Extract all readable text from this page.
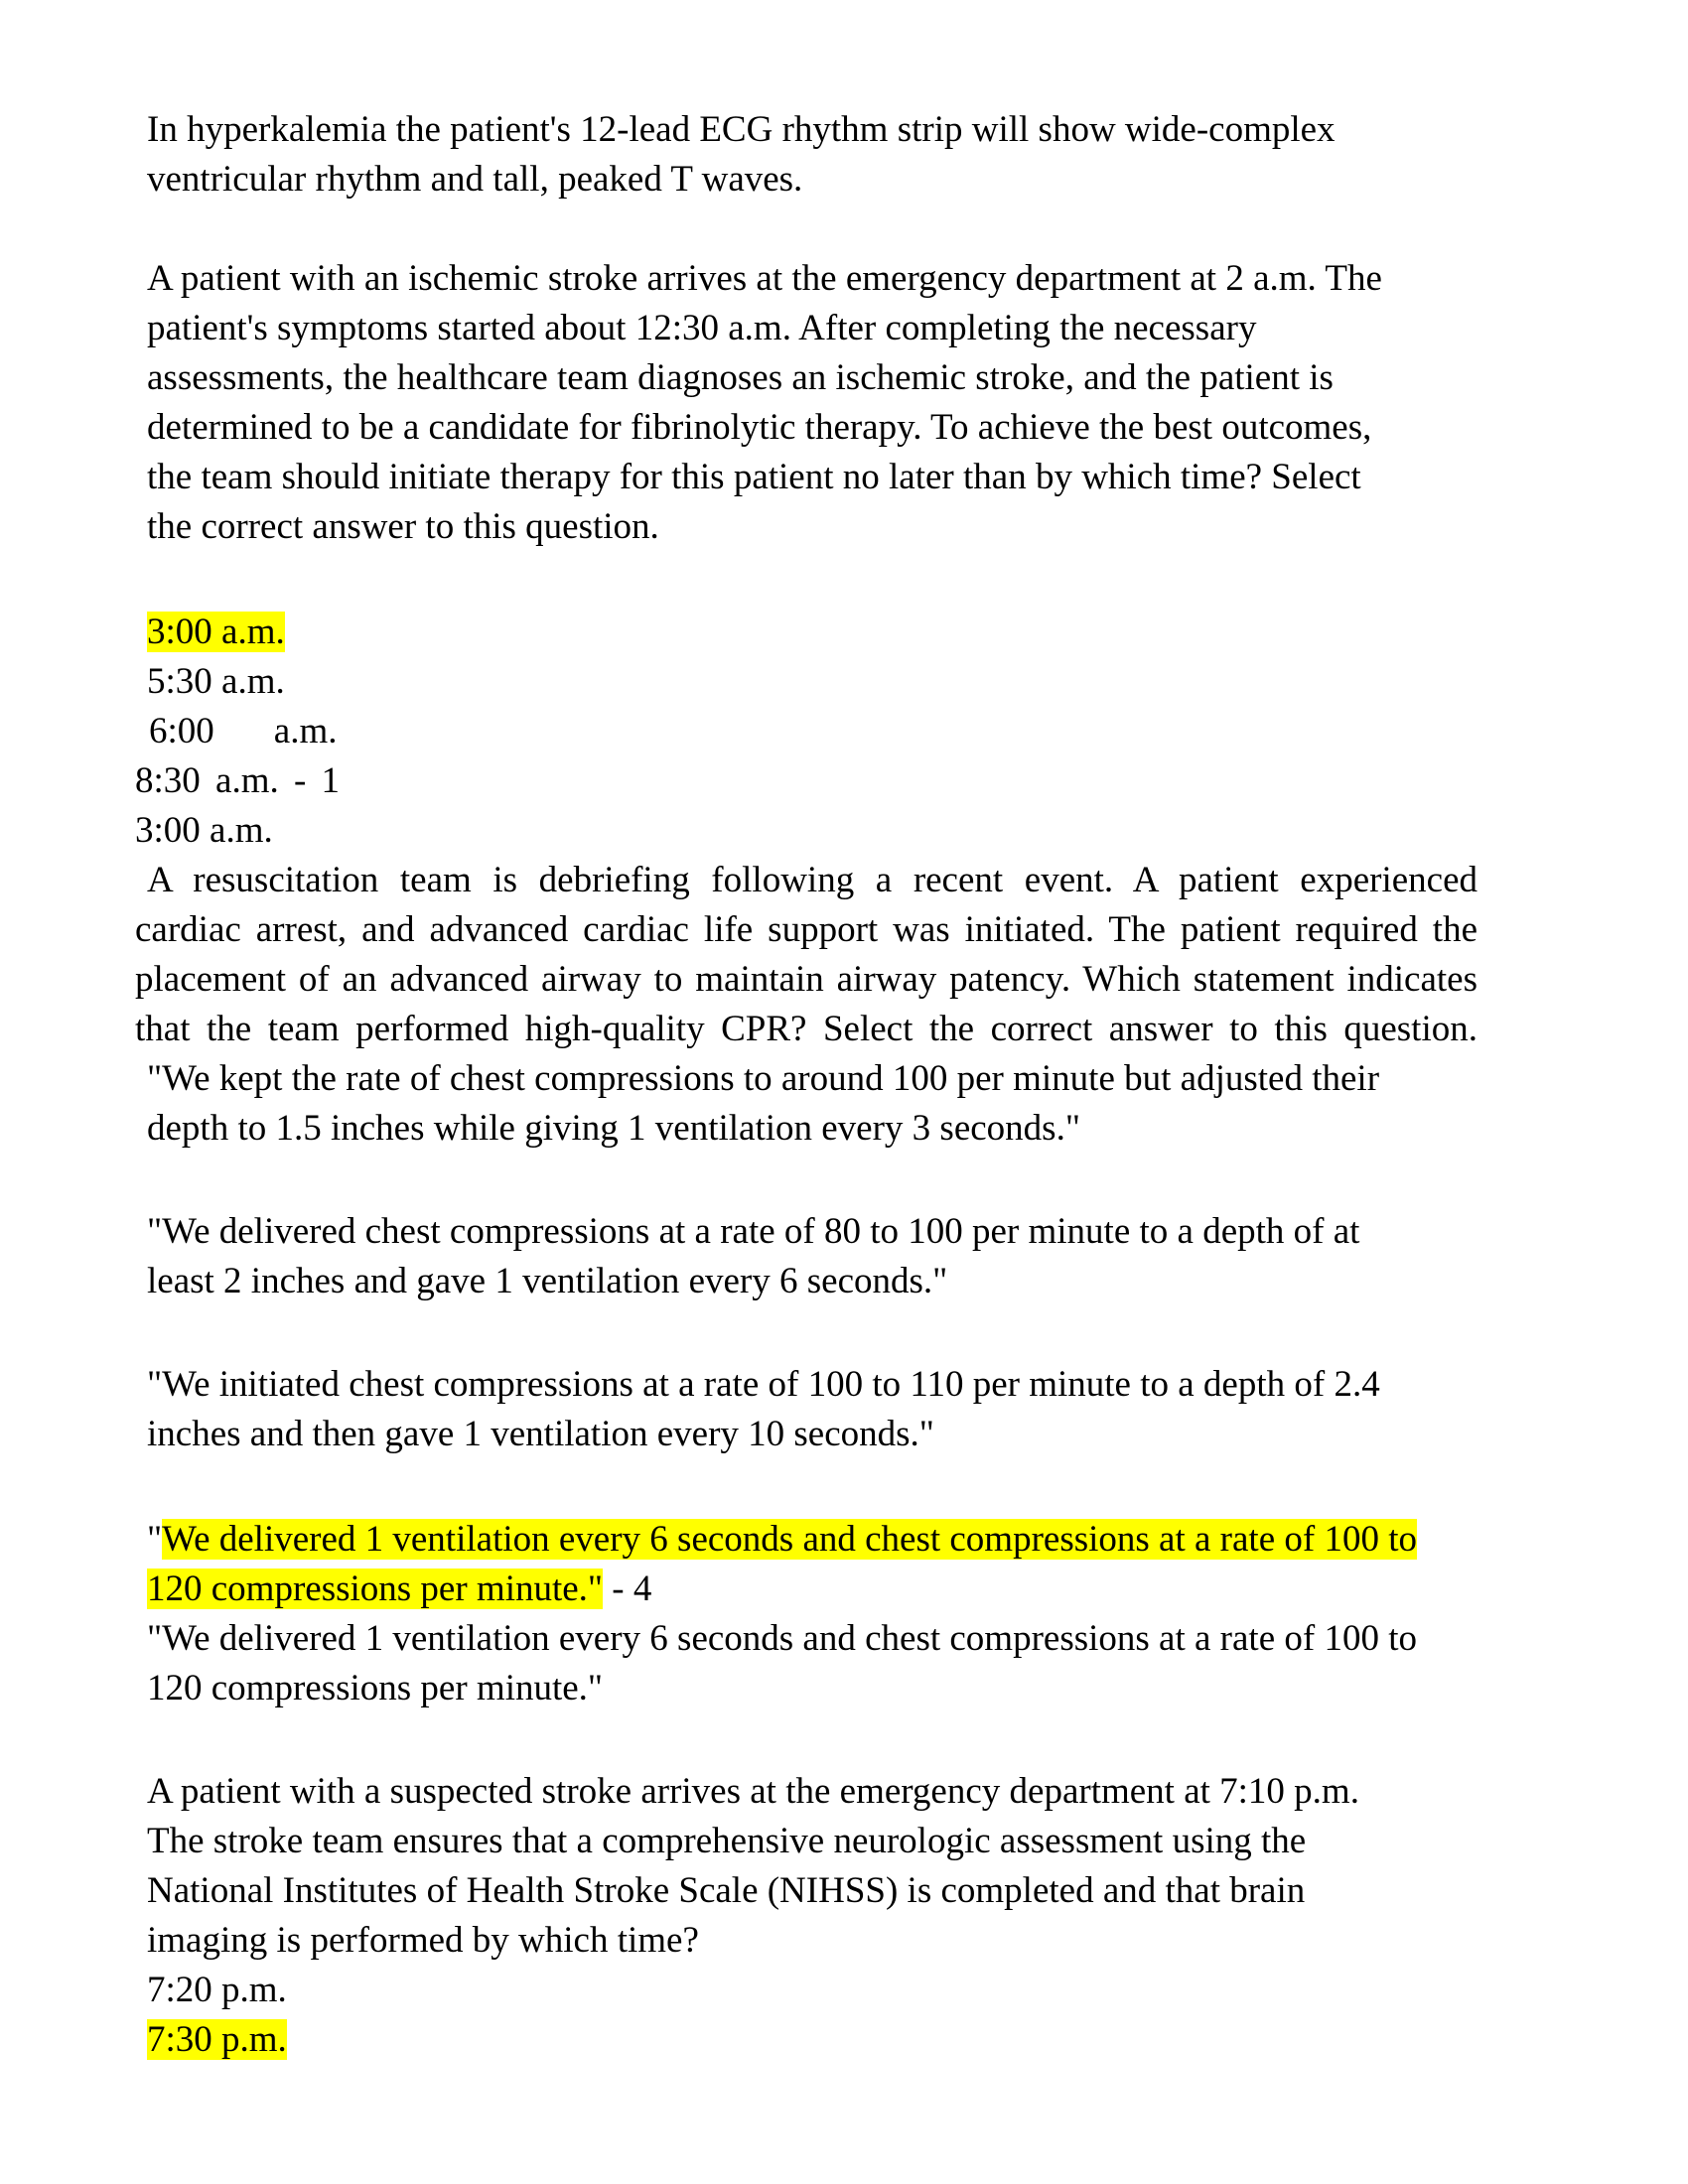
In hyperkalemia the patient's 12-lead ECG rhythm strip will show wide-complex
ventricular rhythm and tall, peaked T waves.
A patient with an ischemic stroke arrives at the emergency department at 2 a.m. The
patient's symptoms started about 12:30 a.m. After completing the necessary
assessments, the healthcare team diagnoses an ischemic stroke, and the patient is
determined to be a candidate for fibrinolytic therapy. To achieve the best outcomes,
the team should initiate therapy for this patient no later than by which time? Select
the correct answer to this question.
3:00 a.m.
5:30 a.m.
6:00 a.m.
8:30 a.m. - 1
3:00 a.m.
A resuscitation team is debriefing following a recent event. A patient experienced
cardiac arrest, and advanced cardiac life support was initiated. The patient required the
placement of an advanced airway to maintain airway patency. Which statement indicates
that the team performed high-quality CPR? Select the correct answer to this question.
"We kept the rate of chest compressions to around 100 per minute but adjusted their
depth to 1.5 inches while giving 1 ventilation every 3 seconds."
"We delivered chest compressions at a rate of 80 to 100 per minute to a depth of at
least 2 inches and gave 1 ventilation every 6 seconds."
"We initiated chest compressions at a rate of 100 to 110 per minute to a depth of 2.4
inches and then gave 1 ventilation every 10 seconds."
"We delivered 1 ventilation every 6 seconds and chest compressions at a rate of 100 to
120 compressions per minute." - 4
"We delivered 1 ventilation every 6 seconds and chest compressions at a rate of 100 to
120 compressions per minute."
A patient with a suspected stroke arrives at the emergency department at 7:10 p.m.
The stroke team ensures that a comprehensive neurologic assessment using the
National Institutes of Health Stroke Scale (NIHSS) is completed and that brain
imaging is performed by which time?
7:20 p.m.
7:30 p.m.
